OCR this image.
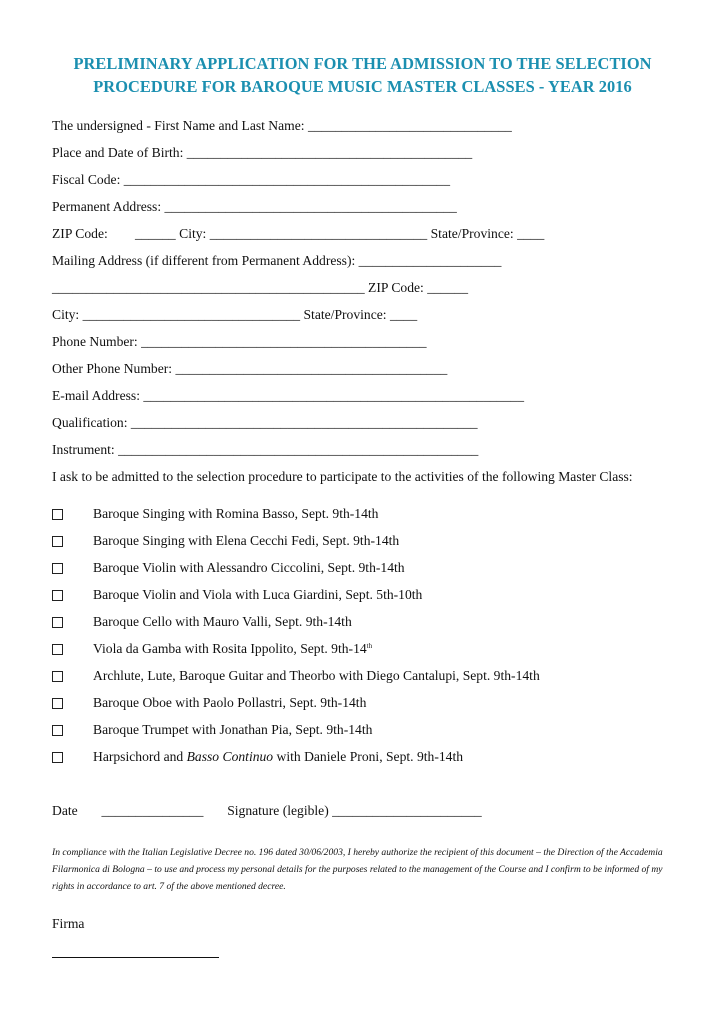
PRELIMINARY APPLICATION FOR THE ADMISSION TO THE SELECTION
PROCEDURE FOR BAROQUE MUSIC MASTER CLASSES - YEAR 2016
The undersigned - First Name and Last Name: ______________________________
Place and Date of Birth: __________________________________________
Fiscal Code: ________________________________________________
Permanent Address: ___________________________________________
ZIP Code:        ______ City: ________________________________ State/Province: ____
Mailing Address (if different from Permanent Address): _____________________
______________________________________________ ZIP Code: ______
City: ________________________________ State/Province: ____
Phone Number: __________________________________________
Other Phone Number: ________________________________________
E-mail Address: ________________________________________________________
Qualification: ___________________________________________________
Instrument: _____________________________________________________
I ask to be admitted to the selection procedure to participate to the activities of the following Master Class:
Baroque Singing with Romina Basso, Sept. 9th-14th
Baroque Singing with Elena Cecchi Fedi, Sept. 9th-14th
Baroque Violin with Alessandro Ciccolini, Sept. 9th-14th
Baroque Violin and Viola with Luca Giardini, Sept. 5th-10th
Baroque Cello with Mauro Valli, Sept. 9th-14th
Viola da Gamba with Rosita Ippolito, Sept. 9th-14th
Archlute, Lute, Baroque Guitar and Theorbo with Diego Cantalupi, Sept. 9th-14th
Baroque Oboe with Paolo Pollastri, Sept. 9th-14th
Baroque Trumpet with Jonathan Pia, Sept. 9th-14th
Harpsichord and Basso Continuo with Daniele Proni, Sept. 9th-14th
Date       _______________       Signature (legible) ______________________
In compliance with the Italian Legislative Decree no. 196 dated 30/06/2003, I hereby authorize the recipient of this document – the Direction of the Accademia Filarmonica di Bologna – to use and process my personal details for the purposes related to the management of the Course and I confirm to be informed of my rights in accordance to art. 7 of the above mentioned decree.
Firma
